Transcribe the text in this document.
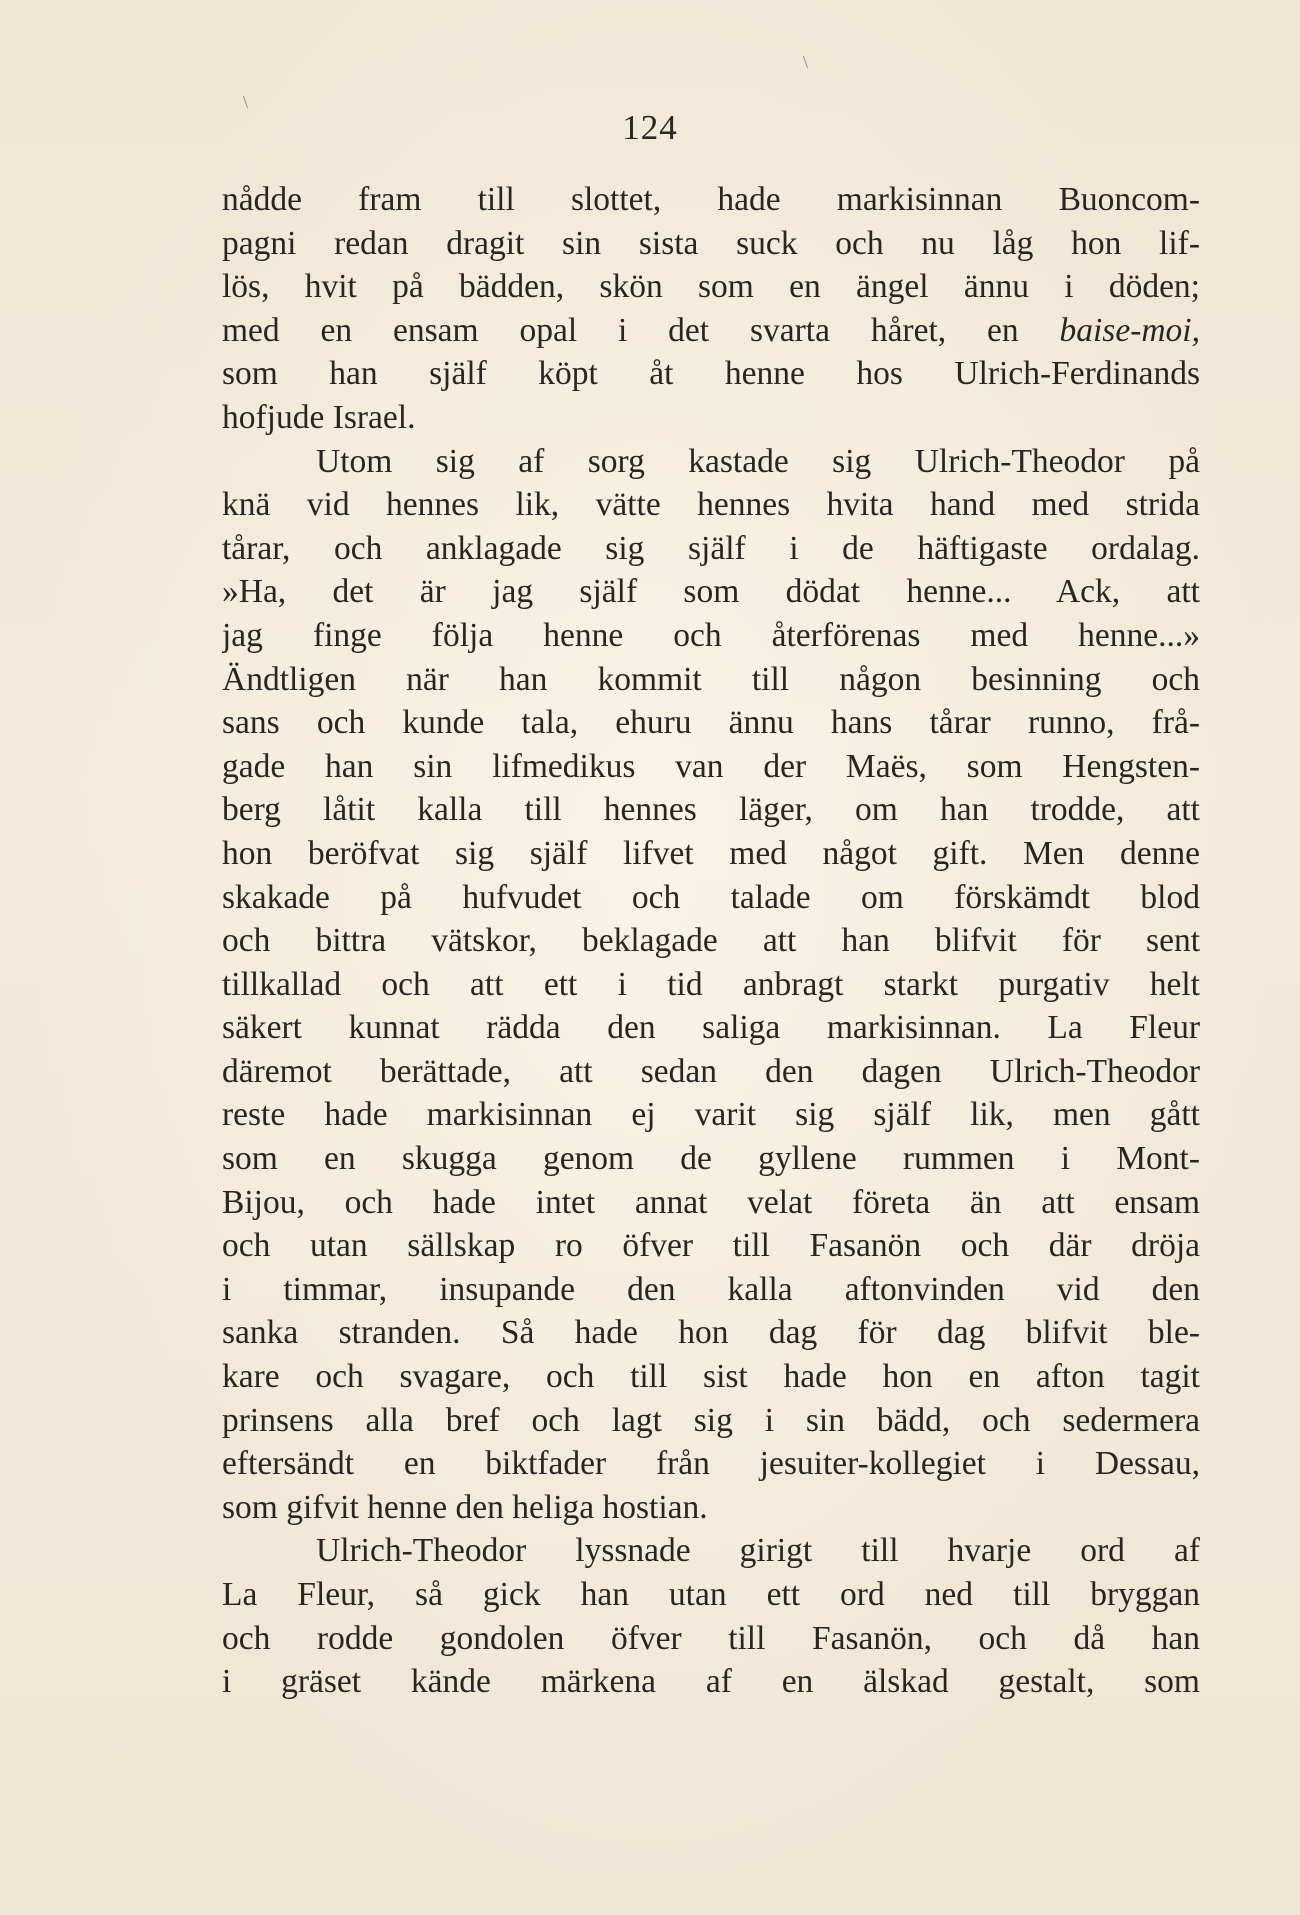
\
\
124
nådde fram till slottet, hade markisinnan Buoncom-
pagni redan dragit sin sista suck och nu låg hon lif-
lös, hvit på bädden, skön som en ängel ännu i döden;
med en ensam opal i det svarta håret, en baise-moi,
som han själf köpt åt henne hos Ulrich-Ferdinands
hofjude Israel.
Utom sig af sorg kastade sig Ulrich-Theodor på
knä vid hennes lik, vätte hennes hvita hand med strida
tårar, och anklagade sig själf i de häftigaste ordalag.
»Ha, det är jag själf som dödat henne... Ack, att
jag finge följa henne och återförenas med henne...»
Ändtligen när han kommit till någon besinning och
sans och kunde tala, ehuru ännu hans tårar runno, frå-
gade han sin lifmedikus van der Maës, som Hengsten-
berg låtit kalla till hennes läger, om han trodde, att
hon beröfvat sig själf lifvet med något gift. Men denne
skakade på hufvudet och talade om förskämdt blod
och bittra vätskor, beklagade att han blifvit för sent
tillkallad och att ett i tid anbragt starkt purgativ helt
säkert kunnat rädda den saliga markisinnan. La Fleur
däremot berättade, att sedan den dagen Ulrich-Theodor
reste hade markisinnan ej varit sig själf lik, men gått
som en skugga genom de gyllene rummen i Mont-
Bijou, och hade intet annat velat företa än att ensam
och utan sällskap ro öfver till Fasanön och där dröja
i timmar, insupande den kalla aftonvinden vid den
sanka stranden. Så hade hon dag för dag blifvit ble-
kare och svagare, och till sist hade hon en afton tagit
prinsens alla bref och lagt sig i sin bädd, och sedermera
eftersändt en biktfader från jesuiter-kollegiet i Dessau,
som gifvit henne den heliga hostian.
Ulrich-Theodor lyssnade girigt till hvarje ord af
La Fleur, så gick han utan ett ord ned till bryggan
och rodde gondolen öfver till Fasanön, och då han
i gräset kände märkena af en älskad gestalt, som
